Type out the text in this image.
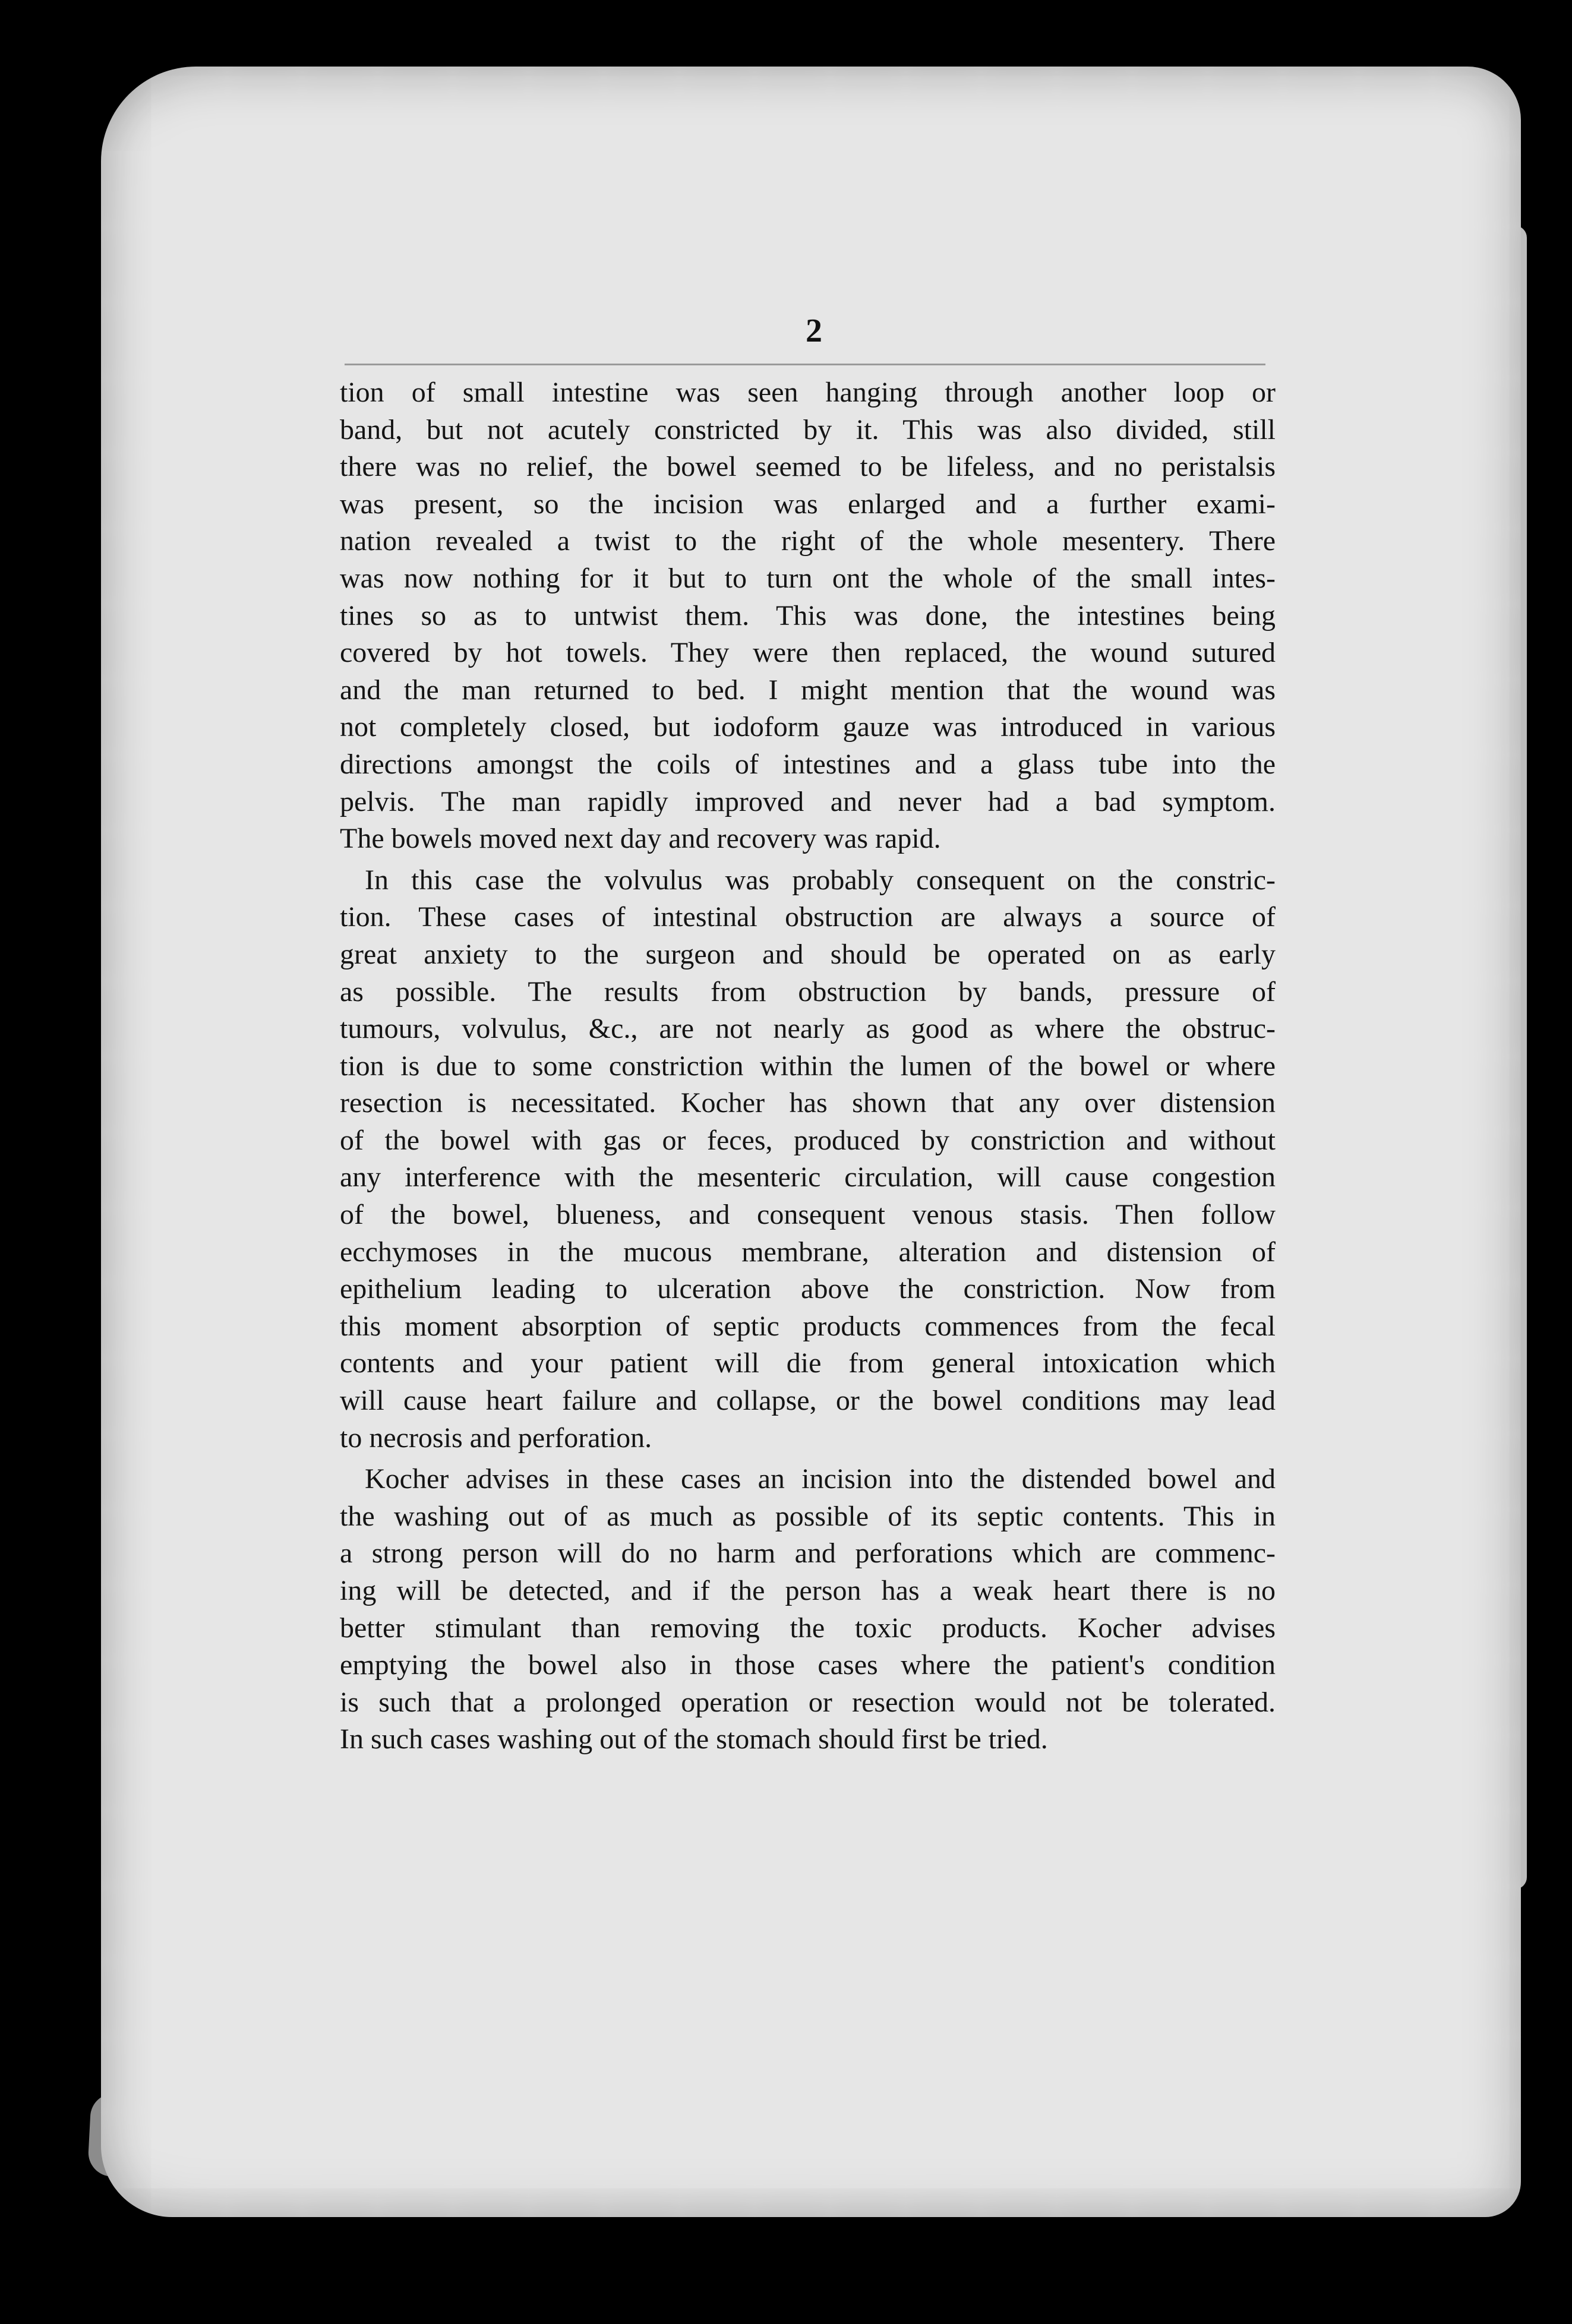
2
tion of small intestine was seen hanging through another loop or
band, but not acutely constricted by it. This was also divided, still
there was no relief, the bowel seemed to be lifeless, and no peristalsis
was present, so the incision was enlarged and a further exami-
nation revealed a twist to the right of the whole mesentery. There
was now nothing for it but to turn ont the whole of the small intes-
tines so as to untwist them. This was done, the intestines being
covered by hot towels. They were then replaced, the wound sutured
and the man returned to bed. I might mention that the wound was
not completely closed, but iodoform gauze was introduced in various
directions amongst the coils of intestines and a glass tube into the
pelvis. The man rapidly improved and never had a bad symptom.
The bowels moved next day and recovery was rapid.
In this case the volvulus was probably consequent on the constric-
tion. These cases of intestinal obstruction are always a source of
great anxiety to the surgeon and should be operated on as early
as possible. The results from obstruction by bands, pressure of
tumours, volvulus, &c., are not nearly as good as where the obstruc-
tion is due to some constriction within the lumen of the bowel or where
resection is necessitated. Kocher has shown that any over distension
of the bowel with gas or feces, produced by constriction and without
any interference with the mesenteric circulation, will cause congestion
of the bowel, blueness, and consequent venous stasis. Then follow
ecchymoses in the mucous membrane, alteration and distension of
epithelium leading to ulceration above the constriction. Now from
this moment absorption of septic products commences from the fecal
contents and your patient will die from general intoxication which
will cause heart failure and collapse, or the bowel conditions may lead
to necrosis and perforation.
Kocher advises in these cases an incision into the distended bowel and
the washing out of as much as possible of its septic contents. This in
a strong person will do no harm and perforations which are commenc-
ing will be detected, and if the person has a weak heart there is no
better stimulant than removing the toxic products. Kocher advises
emptying the bowel also in those cases where the patient's condition
is such that a prolonged operation or resection would not be tolerated.
In such cases washing out of the stomach should first be tried.
